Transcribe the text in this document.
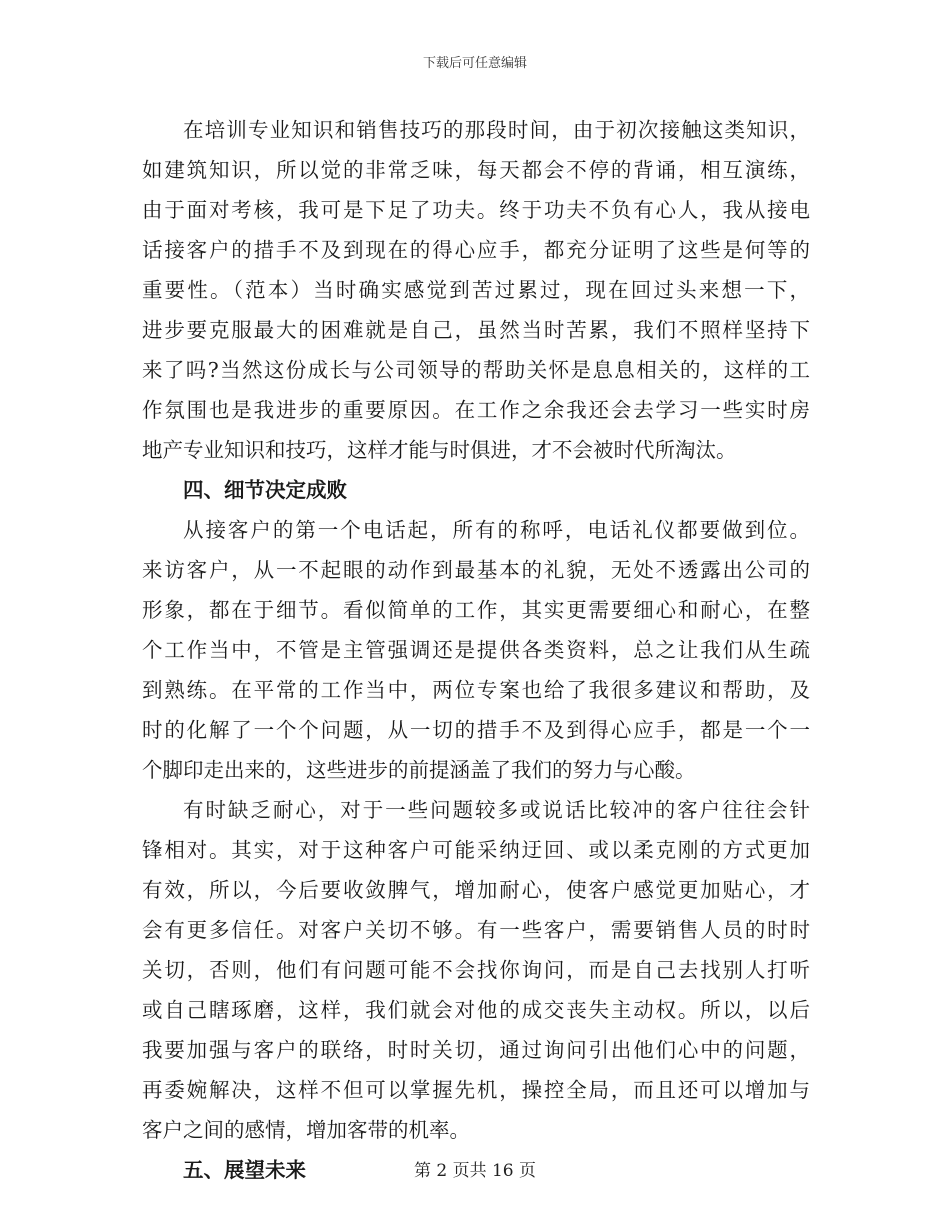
下载后可任意编辑
在培训专业知识和销售技巧的那段时间，由于初次接触这类知识，
如建筑知识，所以觉的非常乏味，每天都会不停的背诵，相互演练，
由于面对考核，我可是下足了功夫。终于功夫不负有心人，我从接电
话接客户的措手不及到现在的得心应手，都充分证明了这些是何等的
重要性。（范本）当时确实感觉到苦过累过，现在回过头来想一下，
进步要克服最大的困难就是自己，虽然当时苦累，我们不照样坚持下
来了吗?当然这份成长与公司领导的帮助关怀是息息相关的，这样的工
作氛围也是我进步的重要原因。在工作之余我还会去学习一些实时房
地产专业知识和技巧，这样才能与时俱进，才不会被时代所淘汰。
四、细节决定成败
从接客户的第一个电话起，所有的称呼，电话礼仪都要做到位。
来访客户，从一不起眼的动作到最基本的礼貌，无处不透露出公司的
形象，都在于细节。看似简单的工作，其实更需要细心和耐心，在整
个工作当中，不管是主管强调还是提供各类资料，总之让我们从生疏
到熟练。在平常的工作当中，两位专案也给了我很多建议和帮助，及
时的化解了一个个问题，从一切的措手不及到得心应手，都是一个一
个脚印走出来的，这些进步的前提涵盖了我们的努力与心酸。
有时缺乏耐心，对于一些问题较多或说话比较冲的客户往往会针
锋相对。其实，对于这种客户可能采纳迂回、或以柔克刚的方式更加
有效，所以，今后要收敛脾气，增加耐心，使客户感觉更加贴心，才
会有更多信任。对客户关切不够。有一些客户，需要销售人员的时时
关切，否则，他们有问题可能不会找你询问，而是自己去找别人打听
或自己瞎琢磨，这样，我们就会对他的成交丧失主动权。所以，以后
我要加强与客户的联络，时时关切，通过询问引出他们心中的问题，
再委婉解决，这样不但可以掌握先机，操控全局，而且还可以增加与
客户之间的感情，增加客带的机率。
五、展望未来	第 2 页共 16 页
